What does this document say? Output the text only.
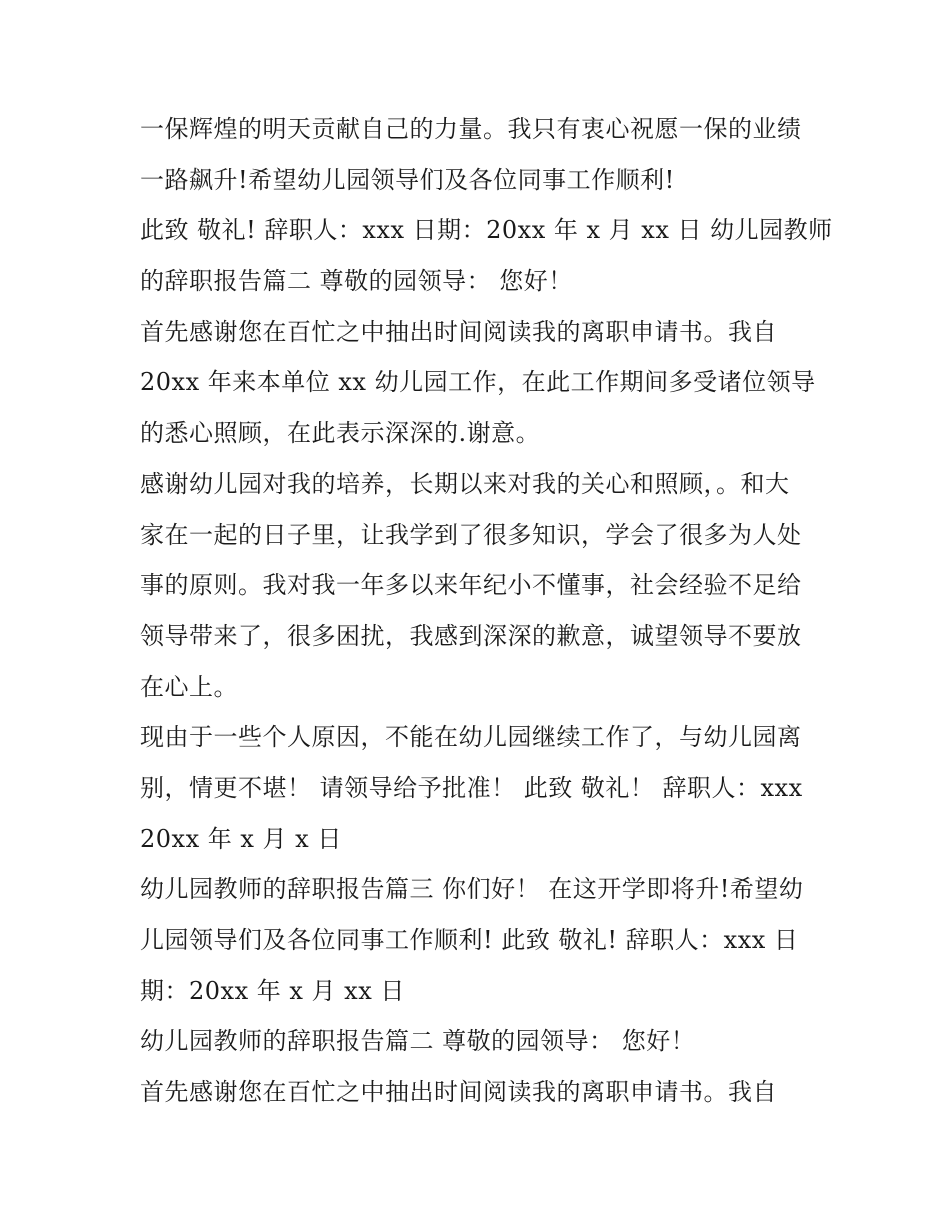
一保辉煌的明天贡献自己的力量。我只有衷心祝愿一保的业绩
一路飙升!希望幼儿园领导们及各位同事工作顺利!
此致 敬礼! 辞职人：xxx 日期：20xx 年 x 月 xx 日 幼儿园教师
的辞职报告篇二 尊敬的园领导： 您好！
首先感谢您在百忙之中抽出时间阅读我的离职申请书。我自
20xx 年来本单位 xx 幼儿园工作，在此工作期间多受诸位领导
的悉心照顾，在此表示深深的.谢意。
感谢幼儿园对我的培养，长期以来对我的关心和照顾，。和大
家在一起的日子里，让我学到了很多知识，学会了很多为人处
事的原则。我对我一年多以来年纪小不懂事，社会经验不足给
领导带来了，很多困扰，我感到深深的歉意，诚望领导不要放
在心上。
现由于一些个人原因，不能在幼儿园继续工作了，与幼儿园离
别，情更不堪！ 请领导给予批准！ 此致 敬礼！ 辞职人：xxx
20xx 年 x 月 x 日
幼儿园教师的辞职报告篇三 你们好！ 在这开学即将升!希望幼
儿园领导们及各位同事工作顺利! 此致 敬礼! 辞职人：xxx 日
期：20xx 年 x 月 xx 日
幼儿园教师的辞职报告篇二 尊敬的园领导： 您好！
首先感谢您在百忙之中抽出时间阅读我的离职申请书。我自
